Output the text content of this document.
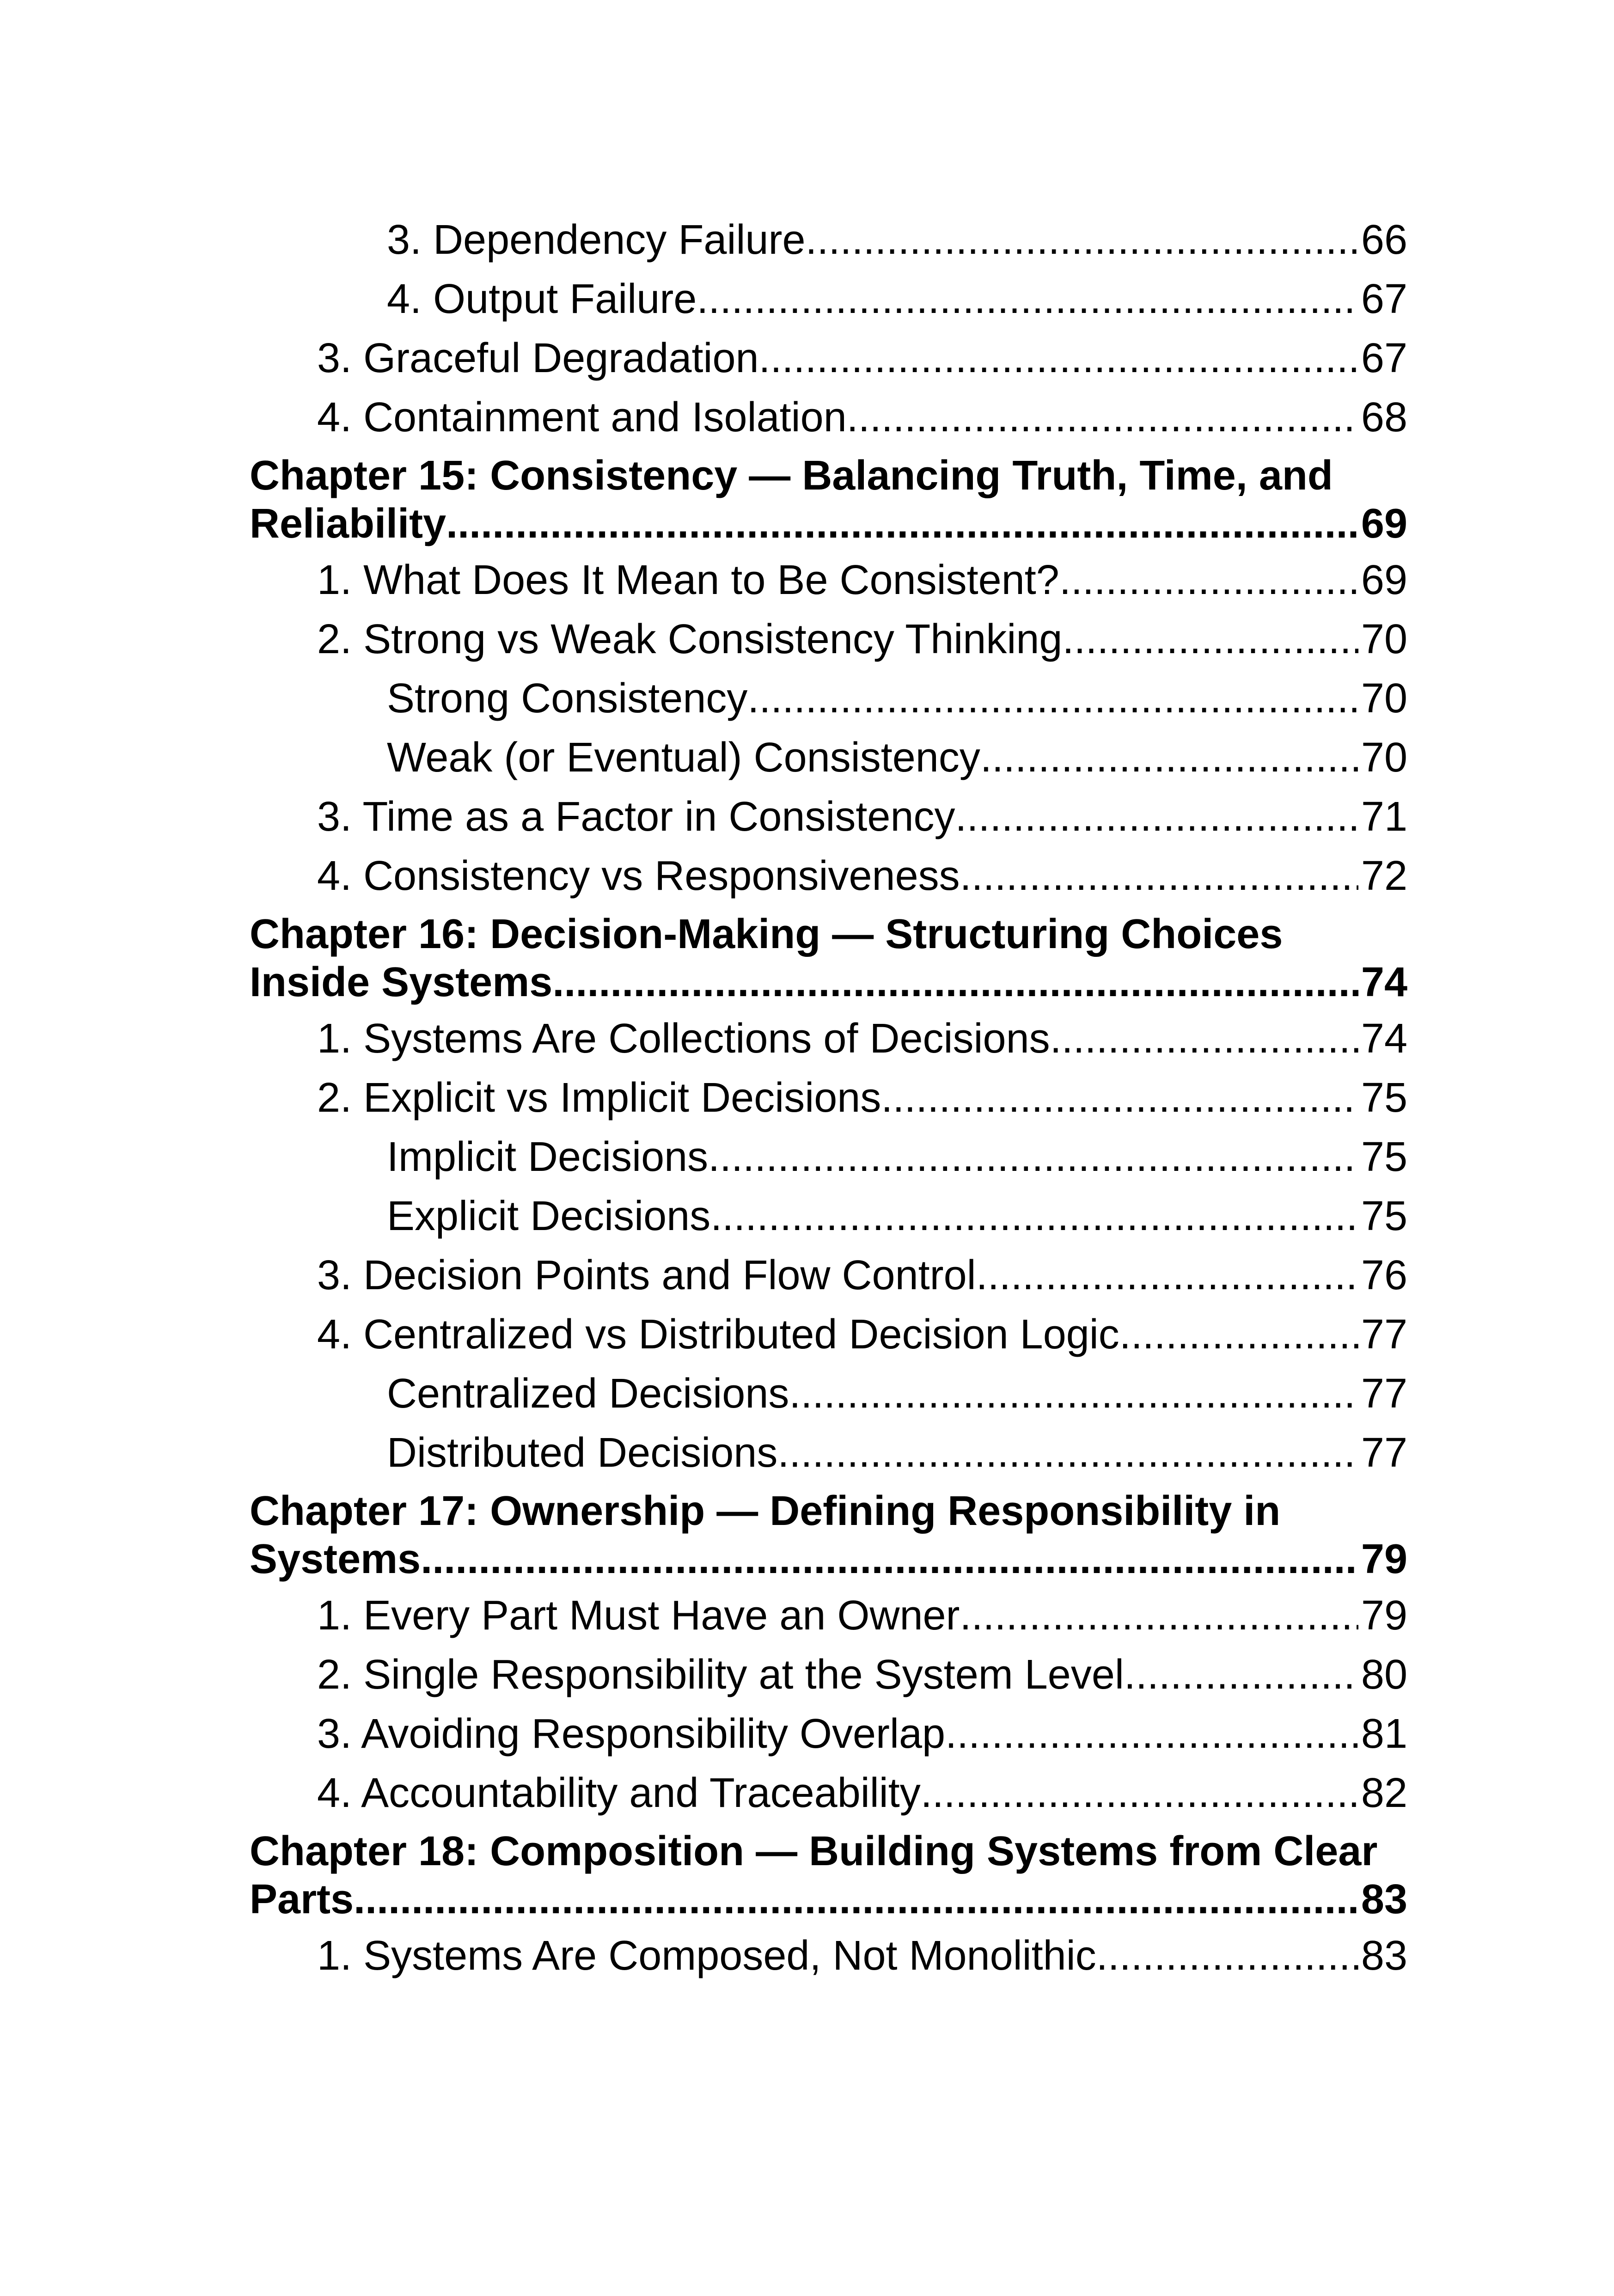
3. Dependency Failure .....	66
4. Output Failure .....	67
3. Graceful Degradation .....	67
4. Containment and Isolation .....	68
Chapter 15: Consistency — Balancing Truth, Time, and
Reliability .....	69
1. What Does It Mean to Be Consistent? .....	69
2. Strong vs Weak Consistency Thinking .....	70
Strong Consistency .....	70
Weak (or Eventual) Consistency .....	70
3. Time as a Factor in Consistency .....	71
4. Consistency vs Responsiveness .....	72
Chapter 16: Decision-Making — Structuring Choices
Inside Systems .....	74
1. Systems Are Collections of Decisions .....	74
2. Explicit vs Implicit Decisions .....	75
Implicit Decisions .....	75
Explicit Decisions .....	75
3. Decision Points and Flow Control .....	76
4. Centralized vs Distributed Decision Logic .....	77
Centralized Decisions .....	77
Distributed Decisions .....	77
Chapter 17: Ownership — Defining Responsibility in
Systems .....	79
1. Every Part Must Have an Owner .....	79
2. Single Responsibility at the System Level .....	80
3. Avoiding Responsibility Overlap .....	81
4. Accountability and Traceability .....	82
Chapter 18: Composition — Building Systems from Clear
Parts .....	83
1. Systems Are Composed, Not Monolithic .....	83
